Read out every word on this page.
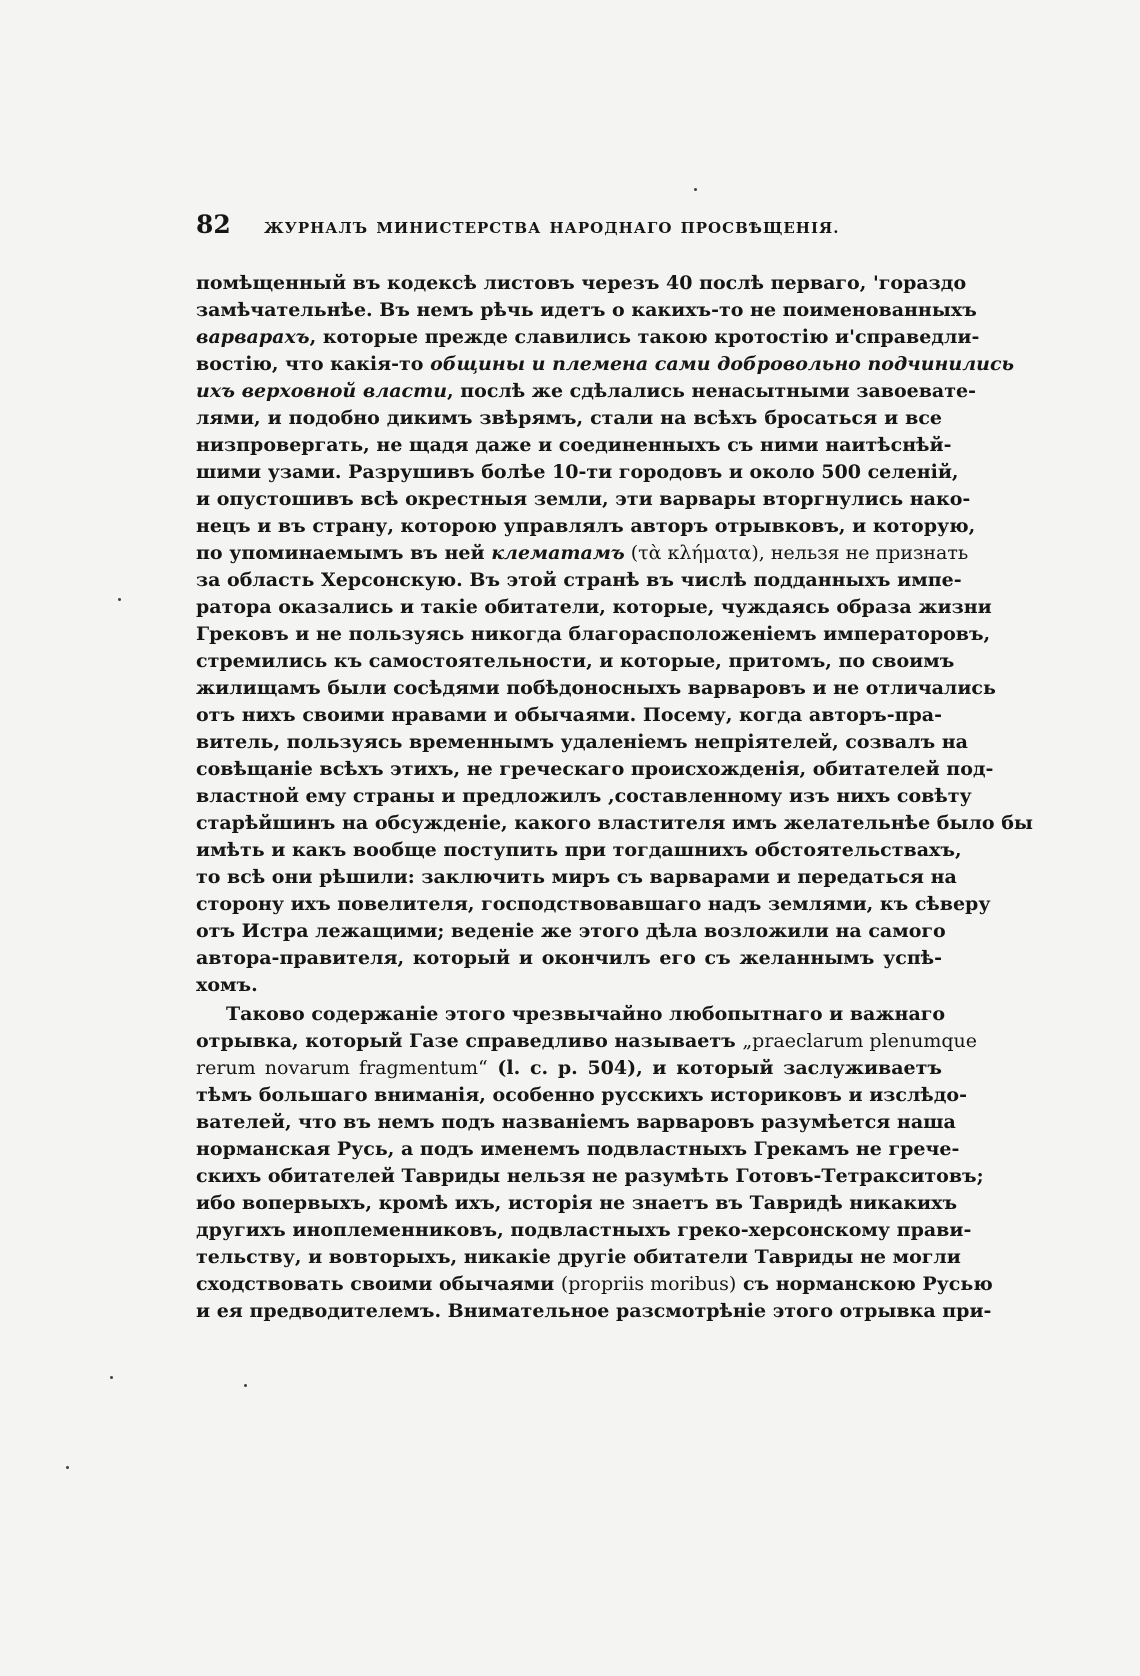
82	ЖУРНАЛЪ МИНИСТЕРСТВА НАРОДНАГО ПРОСВѢЩЕНІЯ.
помѣщенный въ кодексѣ листовъ черезъ 40 послѣ перваго, 'гораздо
замѣчательнѣе. Въ немъ рѣчь идетъ о какихъ-то не поименованныхъ
варварахъ, которые прежде славились такою кротостію и'справедли-
востію, что какія-то общины и племена сами добровольно подчинились
ихъ верховной власти, послѣ же сдѣлались ненасытными завоевате-
лями, и подобно дикимъ звѣрямъ, стали на всѣхъ бросаться и все
низпровергать, не щадя даже и соединенныхъ съ ними наитѣснѣй-
шими узами. Разрушивъ болѣе 10-ти городовъ и около 500 селеній,
и опустошивъ всѣ окрестныя земли, эти варвары вторгнулись нако-
нецъ и въ страну, которою управлялъ авторъ отрывковъ, и которую,
по упоминаемымъ въ ней клематамъ (τὰ κλήματα), нельзя не признать
за область Херсонскую. Въ этой странѣ въ числѣ подданныхъ импе-
ратора оказались и такіе обитатели, которые, чуждаясь образа жизни
Грековъ и не пользуясь никогда благорасположеніемъ императоровъ,
стремились къ самостоятельности, и которые, притомъ, по своимъ
жилищамъ были сосѣдями побѣдоносныхъ варваровъ и не отличались
отъ нихъ своими нравами и обычаями. Посему, когда авторъ-пра-
витель, пользуясь временнымъ удаленіемъ непріятелей, созвалъ на
совѣщаніе всѣхъ этихъ, не греческаго происхожденія, обитателей под-
властной ему страны и предложилъ ,составленному изъ нихъ совѣту
старѣйшинъ на обсужденіе, какого властителя имъ желательнѣе было бы
имѣть и какъ вообще поступить при тогдашнихъ обстоятельствахъ,
то всѣ они рѣшили: заключить миръ съ варварами и передаться на
сторону ихъ повелителя, господствовавшаго надъ землями, къ сѣверу
отъ Истра лежащими; веденіе же этого дѣла возложили на самого
автора-правителя, который и окончилъ его съ желаннымъ успѣ-
хомъ.
Таково содержаніе этого чрезвычайно любопытнаго и важнаго
отрывка, который Газе справедливо называетъ „praeclarum plenumque
rerum novarum fragmentum“ (l. c. p. 504), и который заслуживаетъ
тѣмъ большаго вниманія, особенно русскихъ историковъ и изслѣдо-
вателей, что въ немъ подъ названіемъ варваровъ разумѣется наша
норманская Русь, а подъ именемъ подвластныхъ Грекамъ не грече-
скихъ обитателей Тавриды нельзя не разумѣть Готовъ-Тетракситовъ;
ибо вопервыхъ, кромѣ ихъ, исторія не знаетъ въ Тавридѣ никакихъ
другихъ иноплеменниковъ, подвластныхъ греко-херсонскому прави-
тельству, и вовторыхъ, никакіе другіе обитатели Тавриды не могли
сходствовать своими обычаями (propriis moribus) съ норманскою Русью
и ея предводителемъ. Внимательное разсмотрѣніе этого отрывка при-
